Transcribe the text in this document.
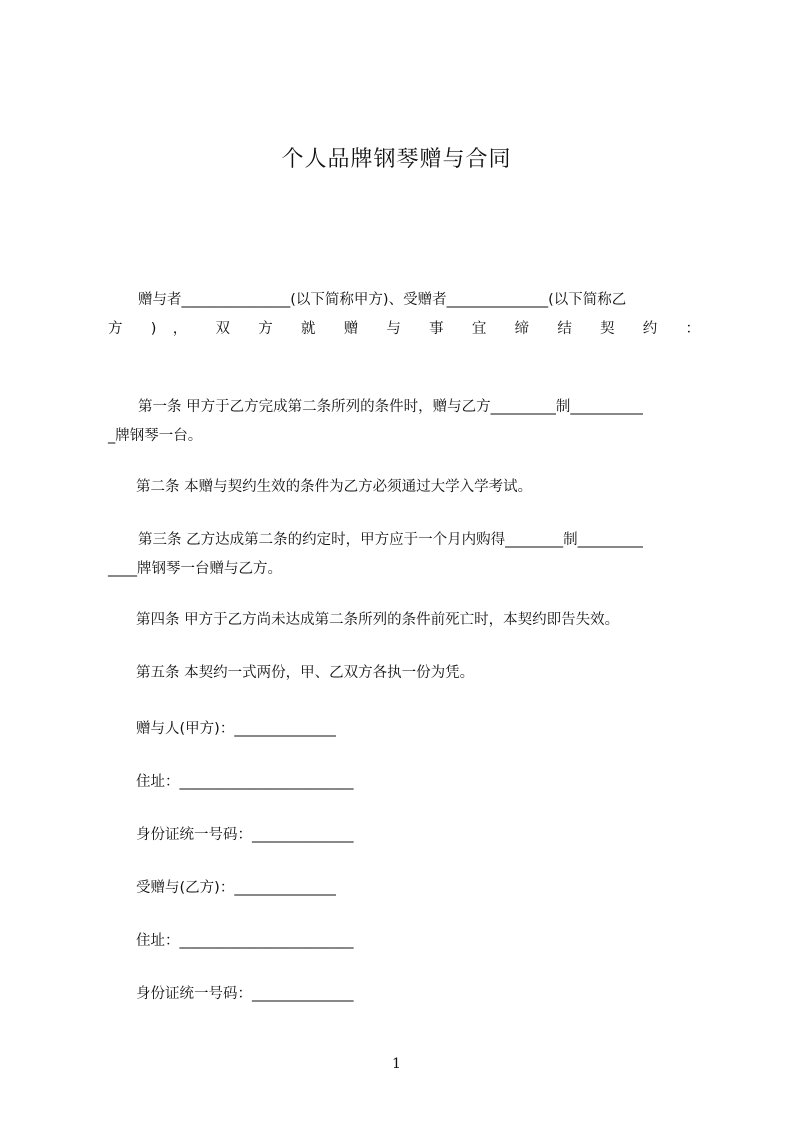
个人品牌钢琴赠与合同
赠与者_______________(以下简称甲方)、受赠者______________(以下简称乙
方 ) ， 双 方 就 赠 与 事 宜 缔 结 契 约 ：
第一条 甲方于乙方完成第二条所列的条件时，赠与乙方_________制__________
_牌钢琴一台。
第二条 本赠与契约生效的条件为乙方必须通过大学入学考试。
第三条 乙方达成第二条的约定时，甲方应于一个月内购得________制_________
____牌钢琴一台赠与乙方。
第四条 甲方于乙方尚未达成第二条所列的条件前死亡时，本契约即告失效。
第五条 本契约一式两份，甲、乙双方各执一份为凭。
赠与人(甲方)：______________
住址：________________________
身份证统一号码：______________
受赠与(乙方)：______________
住址：________________________
身份证统一号码：______________
1
